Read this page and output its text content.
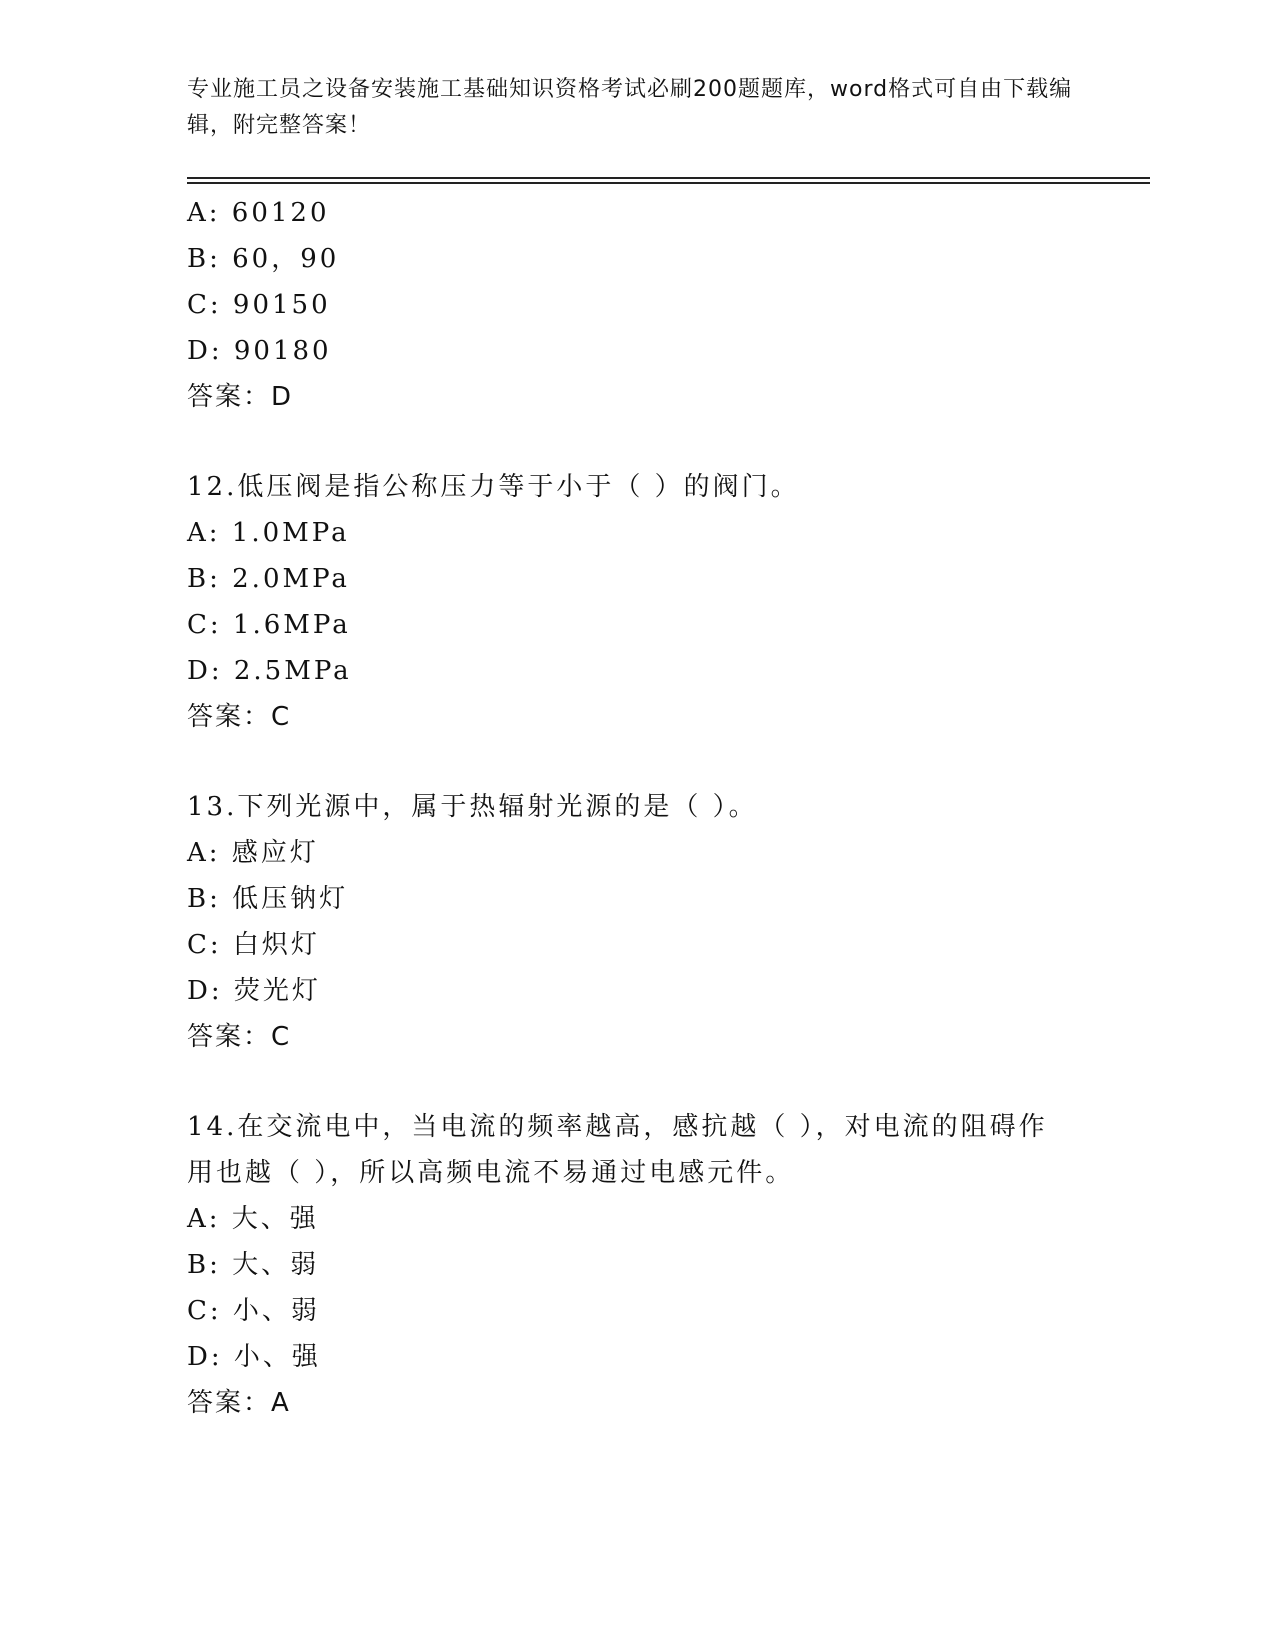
专业施工员之设备安装施工基础知识资格考试必刷200题题库，word格式可自由下载编辑，附完整答案！
A: 60120
B: 60，90
C: 90150
D: 90180
答案：D
12.低压阀是指公称压力等于小于（ ）的阀门。
A: 1.0MPa
B: 2.0MPa
C: 1.6MPa
D: 2.5MPa
答案：C
13.下列光源中，属于热辐射光源的是（ ）。
A: 感应灯
B: 低压钠灯
C: 白炽灯
D: 荧光灯
答案：C
14.在交流电中，当电流的频率越高，感抗越（ ），对电流的阻碍作
用也越（ ），所以高频电流不易通过电感元件。
A: 大、强
B: 大、弱
C: 小、弱
D: 小、强
答案：A
